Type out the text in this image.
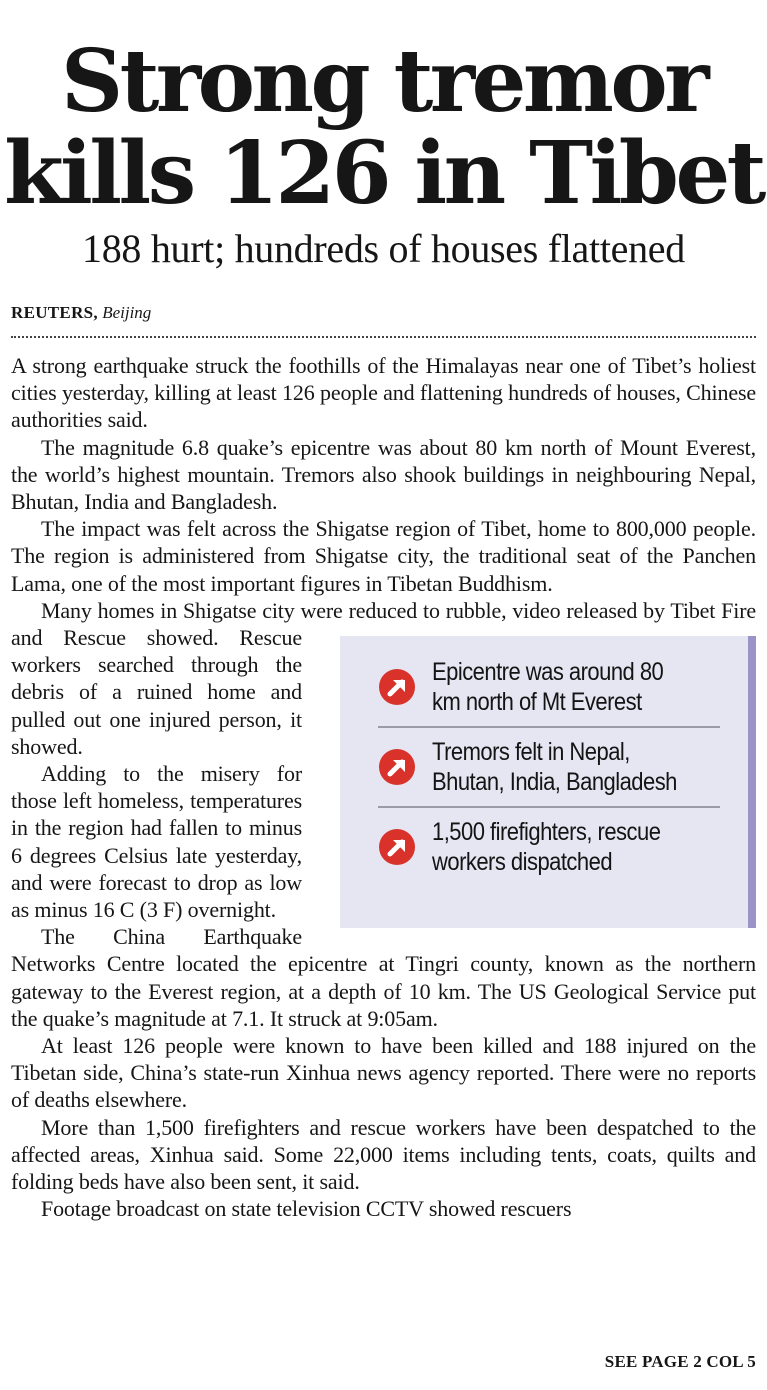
Strong tremor
kills 126 in Tibet
188 hurt; hundreds of houses flattened
REUTERS, Beijing
Epicentre was around 80
km north of Mt Everest
Tremors felt in Nepal,
Bhutan, India, Bangladesh
1,500 firefighters, rescue
workers dispatched

A strong earthquake struck the foothills of the Himalayas near one of Tibet’s holiest cities yesterday, killing at least 126 people and flattening hundreds of houses, Chinese authorities said.

The magnitude 6.8 quake’s epicentre was about 80 km north of Mount Everest, the world’s highest mountain. Tremors also shook buildings in neighbouring Nepal, Bhutan, India and Bangladesh.

The impact was felt across the Shigatse region of Tibet, home to 800,000 people. The region is administered from Shigatse city, the traditional seat of the Panchen Lama, one of the most important figures in Tibetan Buddhism.

Many homes in Shigatse city were reduced to rubble, video released by Tibet Fire and Rescue showed. Rescue workers searched through the debris of a ruined home and pulled out one injured person, it showed.

Adding to the misery for those left homeless, temperatures in the region had fallen to minus 6 degrees Celsius late yesterday, and were forecast to drop as low as minus 16 C (3 F) overnight.

The China Earthquake Networks Centre located the epicentre at Tingri county, known as the northern gateway to the Everest region, at a depth of 10 km. The US Geological Service put the quake’s magnitude at 7.1. It struck at 9:05am.

At least 126 people were known to have been killed and 188 injured on the Tibetan side, China’s state-run Xinhua news agency reported. There were no reports of deaths elsewhere.

More than 1,500 firefighters and rescue workers have been despatched to the affected areas, Xinhua said. Some 22,000 items including tents, coats, quilts and folding beds have also been sent, it said.

Footage broadcast on state television CCTV showed rescuers

SEE PAGE 2 COL 5
